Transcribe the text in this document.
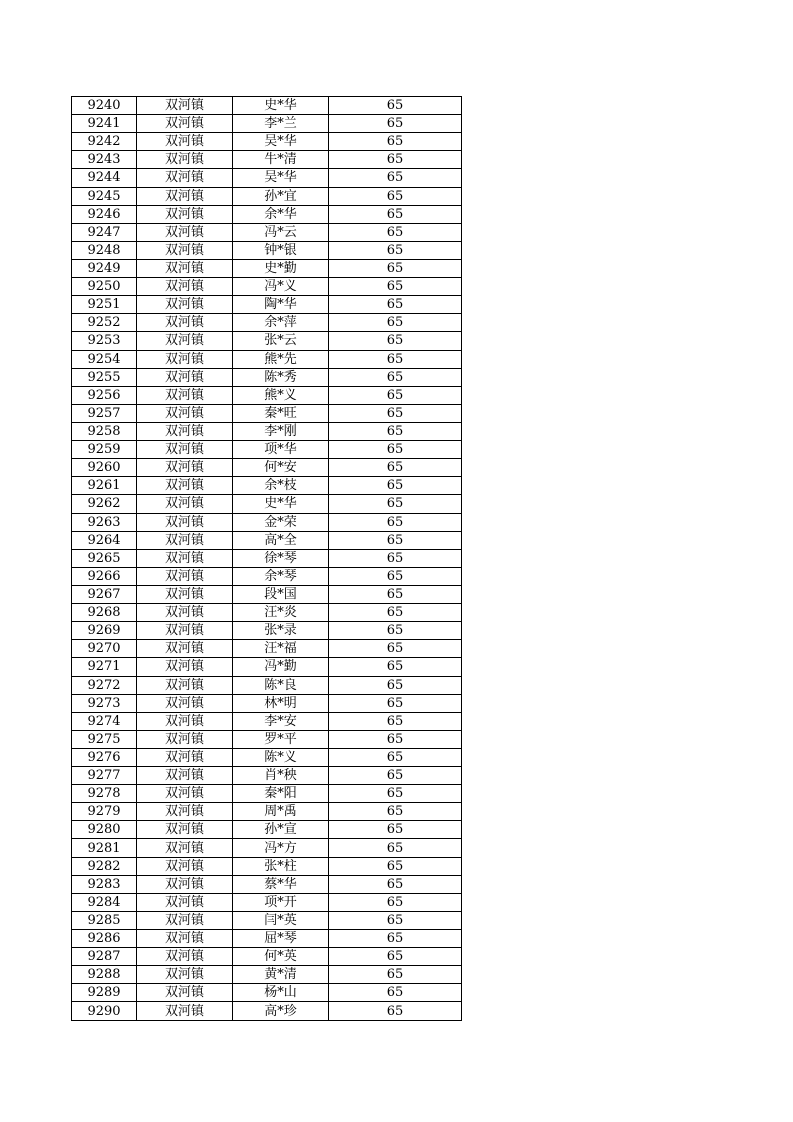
9240	双河镇	史*华	65
9241	双河镇	李*兰	65
9242	双河镇	吴*华	65
9243	双河镇	牛*清	65
9244	双河镇	吴*华	65
9245	双河镇	孙*宜	65
9246	双河镇	余*华	65
9247	双河镇	冯*云	65
9248	双河镇	钟*银	65
9249	双河镇	史*勤	65
9250	双河镇	冯*义	65
9251	双河镇	陶*华	65
9252	双河镇	余*萍	65
9253	双河镇	张*云	65
9254	双河镇	熊*先	65
9255	双河镇	陈*秀	65
9256	双河镇	熊*义	65
9257	双河镇	秦*旺	65
9258	双河镇	李*刚	65
9259	双河镇	项*华	65
9260	双河镇	何*安	65
9261	双河镇	余*枝	65
9262	双河镇	史*华	65
9263	双河镇	金*荣	65
9264	双河镇	高*全	65
9265	双河镇	徐*琴	65
9266	双河镇	余*琴	65
9267	双河镇	段*国	65
9268	双河镇	汪*炎	65
9269	双河镇	张*录	65
9270	双河镇	汪*福	65
9271	双河镇	冯*勤	65
9272	双河镇	陈*良	65
9273	双河镇	林*明	65
9274	双河镇	李*安	65
9275	双河镇	罗*平	65
9276	双河镇	陈*义	65
9277	双河镇	肖*秧	65
9278	双河镇	秦*阳	65
9279	双河镇	周*禹	65
9280	双河镇	孙*宣	65
9281	双河镇	冯*方	65
9282	双河镇	张*柱	65
9283	双河镇	蔡*华	65
9284	双河镇	项*开	65
9285	双河镇	闫*英	65
9286	双河镇	屈*琴	65
9287	双河镇	何*英	65
9288	双河镇	黄*清	65
9289	双河镇	杨*山	65
9290	双河镇	高*珍	65
